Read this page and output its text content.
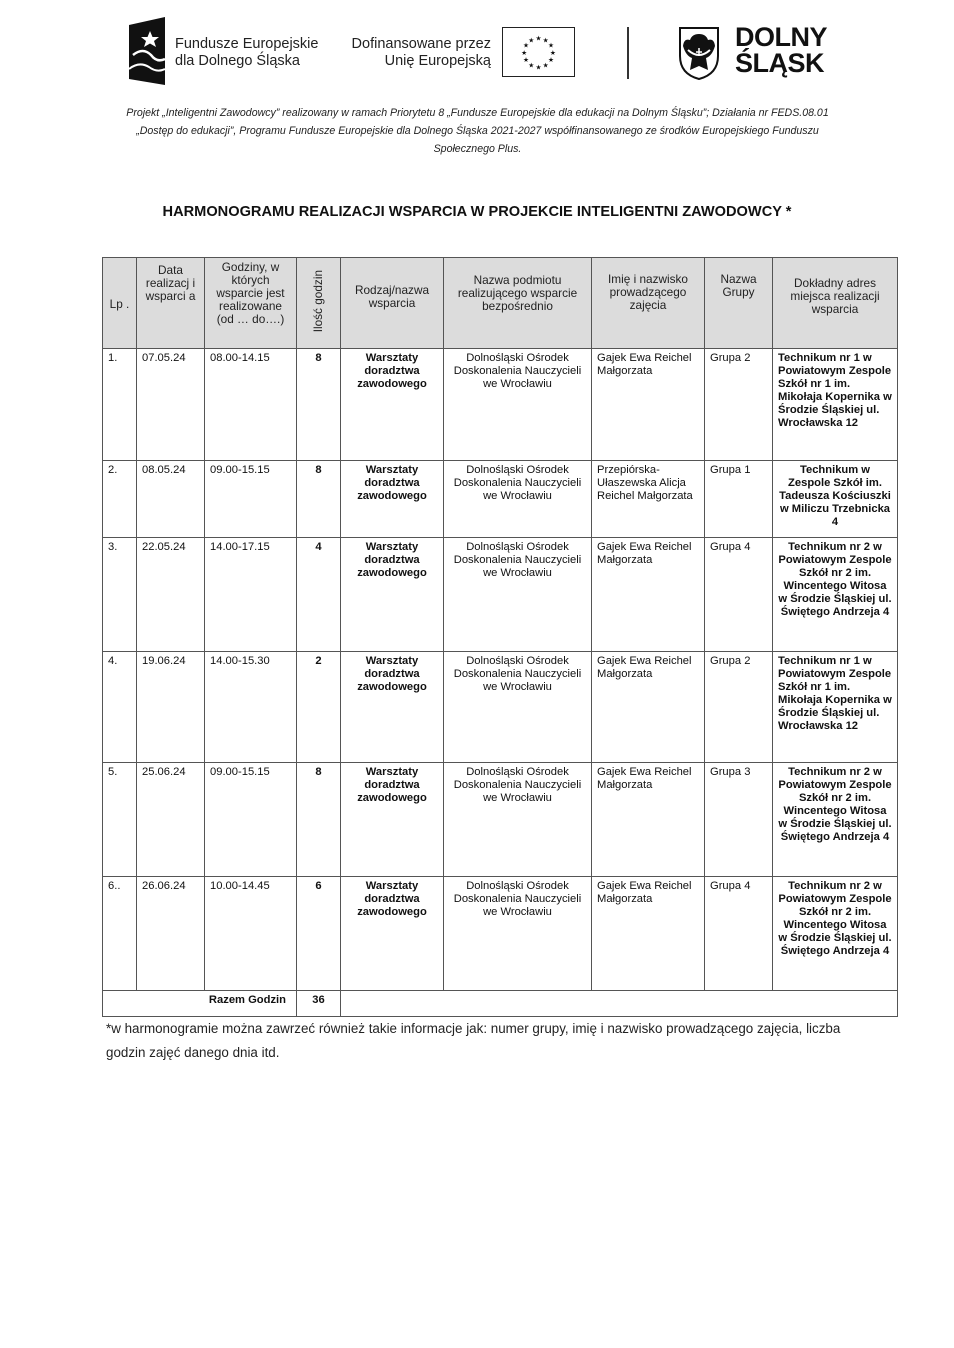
Fundusze Europejskie
dla Dolnego Śląska
Dofinansowane przez
Unię Europejską
★ ★
★
★
★
★
★
★
★
★
★
★	DOLNY
ŚLĄSK
Projekt „Inteligentni Zawodowcy” realizowany w ramach Priorytetu 8 „Fundusze Europejskie dla edukacji na Dolnym Śląsku”; Działania nr FEDS.08.01 „Dostęp do edukacji”, Programu Fundusze Europejskie dla Dolnego Śląska 2021-2027 współfinansowanego ze środków Europejskiego Funduszu Społecznego Plus.
HARMONOGRAMU REALIZACJI WSPARCIA W PROJEKCIE INTELIGENTNI ZAWODOWCY *
Lp .	Data realizacj i wsparci a	Godziny, w których wsparcie jest realizowane (od … do….)	Ilość godzin	Rodzaj/nazwa wsparcia	Nazwa podmiotu realizującego wsparcie bezpośrednio	Imię i nazwisko prowadzącego zajęcia	Nazwa Grupy	Dokładny adres miejsca realizacji wsparcia
1.	07.05.24	08.00-14.15	8	Warsztaty doradztwa zawodowego	Dolnośląski Ośrodek Doskonalenia Nauczycieli we Wrocławiu	Gajek Ewa Reichel Małgorzata	Grupa 2	Technikum nr 1 w Powiatowym Zespole Szkół nr 1 im. Mikołaja Kopernika w Środzie Śląskiej ul. Wrocławska 12
2.	08.05.24	09.00-15.15	8	Warsztaty doradztwa zawodowego	Dolnośląski Ośrodek Doskonalenia Nauczycieli we Wrocławiu	Przepiórska-Ułaszewska Alicja Reichel Małgorzata	Grupa 1	Technikum w Zespole Szkół im. Tadeusza Kościuszki w Miliczu Trzebnicka 4
3.	22.05.24	14.00-17.15	4	Warsztaty doradztwa zawodowego	Dolnośląski Ośrodek Doskonalenia Nauczycieli we Wrocławiu	Gajek Ewa Reichel Małgorzata	Grupa 4	Technikum nr 2 w Powiatowym Zespole Szkół nr 2 im. Wincentego Witosa w Środzie Śląskiej ul. Świętego Andrzeja 4
4.	19.06.24	14.00-15.30	2	Warsztaty doradztwa zawodowego	Dolnośląski Ośrodek Doskonalenia Nauczycieli we Wrocławiu	Gajek Ewa Reichel Małgorzata	Grupa 2	Technikum nr 1 w Powiatowym Zespole Szkół nr 1 im. Mikołaja Kopernika w Środzie Śląskiej ul. Wrocławska 12
5.	25.06.24	09.00-15.15	8	Warsztaty doradztwa zawodowego	Dolnośląski Ośrodek Doskonalenia Nauczycieli we Wrocławiu	Gajek Ewa Reichel Małgorzata	Grupa 3	Technikum nr 2 w Powiatowym Zespole Szkół nr 2 im. Wincentego Witosa w Środzie Śląskiej ul. Świętego Andrzeja 4
6..	26.06.24	10.00-14.45	6	Warsztaty doradztwa zawodowego	Dolnośląski Ośrodek Doskonalenia Nauczycieli we Wrocławiu	Gajek Ewa Reichel Małgorzata	Grupa 4	Technikum nr 2 w Powiatowym Zespole Szkół nr 2 im. Wincentego Witosa w Środzie Śląskiej ul. Świętego Andrzeja 4
Razem Godzin			36					
*w harmonogramie można zawrzeć również takie informacje jak: numer grupy, imię i nazwisko prowadzącego zajęcia, liczba godzin zajęć danego dnia itd.
